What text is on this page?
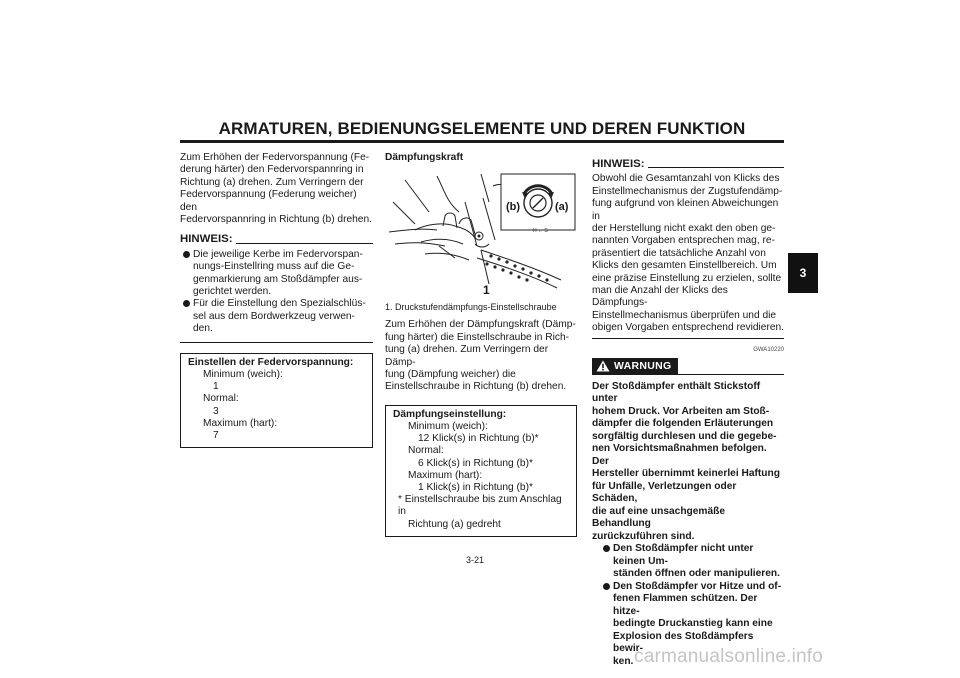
ARMATUREN, BEDIENUNGSELEMENTE UND DEREN FUNKTION
3

Zum Erhöhen der Federvorspannung (Fe-

derung härter) den Federvorspannring in

Richtung (a) drehen. Zum Verringern der

Federvorspannung (Federung weicher) den

Federvorspannring in Richtung (b) drehen.

HINWEIS:

Die jeweilige Kerbe im Federvorspan-

nungs-Einstellring muss auf die Ge-

genmarkierung am Stoßdämpfer aus-

gerichtet werden.

Für die Einstellung den Spezialschlüs-

sel aus dem Bordwerkzeug verwen-

den.

Einstellen der Federvorspannung:
Minimum (weich):
1
Normal:
3
Maximum (hart):
7

Dämpfungskraft

(b)	(a)
H ← S
1

1. Druckstufendämpfungs-Einstellschraube

Zum Erhöhen der Dämpfungskraft (Dämp-

fung härter) die Einstellschraube in Rich-

tung (a) drehen. Zum Verringern der Dämp-

fung (Dämpfung weicher) die

Einstellschraube in Richtung (b) drehen.

Dämpfungseinstellung:
Minimum (weich):
12 Klick(s) in Richtung (b)*
Normal:
6 Klick(s) in Richtung (b)*
Maximum (hart):
1 Klick(s) in Richtung (b)*
* Einstellschraube bis zum Anschlag in
Richtung (a) gedreht
HINWEIS:

Obwohl die Gesamtanzahl von Klicks des

Einstellmechanismus der Zugstufendämp-

fung aufgrund von kleinen Abweichungen in

der Herstellung nicht exakt den oben ge-

nannten Vorgaben entsprechen mag, re-

präsentiert die tatsächliche Anzahl von

Klicks den gesamten Einstellbereich. Um

eine präzise Einstellung zu erzielen, sollte

man die Anzahl der Klicks des Dämpfungs-

Einstellmechanismus überprüfen und die

obigen Vorgaben entsprechend revidieren.

GWA10220
WARNUNG

Der Stoßdämpfer enthält Stickstoff unter

hohem Druck. Vor Arbeiten am Stoß-

dämpfer die folgenden Erläuterungen

sorgfältig durchlesen und die gegebe-

nen Vorsichtsmaßnahmen befolgen. Der

Hersteller übernimmt keinerlei Haftung

für Unfälle, Verletzungen oder Schäden,

die auf eine unsachgemäße Behandlung

zurückzuführen sind.

Den Stoßdämpfer nicht unter keinen Um-

ständen öffnen oder manipulieren.

Den Stoßdämpfer vor Hitze und of-

fenen Flammen schützen. Der hitze-

bedingte Druckanstieg kann eine

Explosion des Stoßdämpfers bewir-

ken.

3-21
carmanualsonline.info
